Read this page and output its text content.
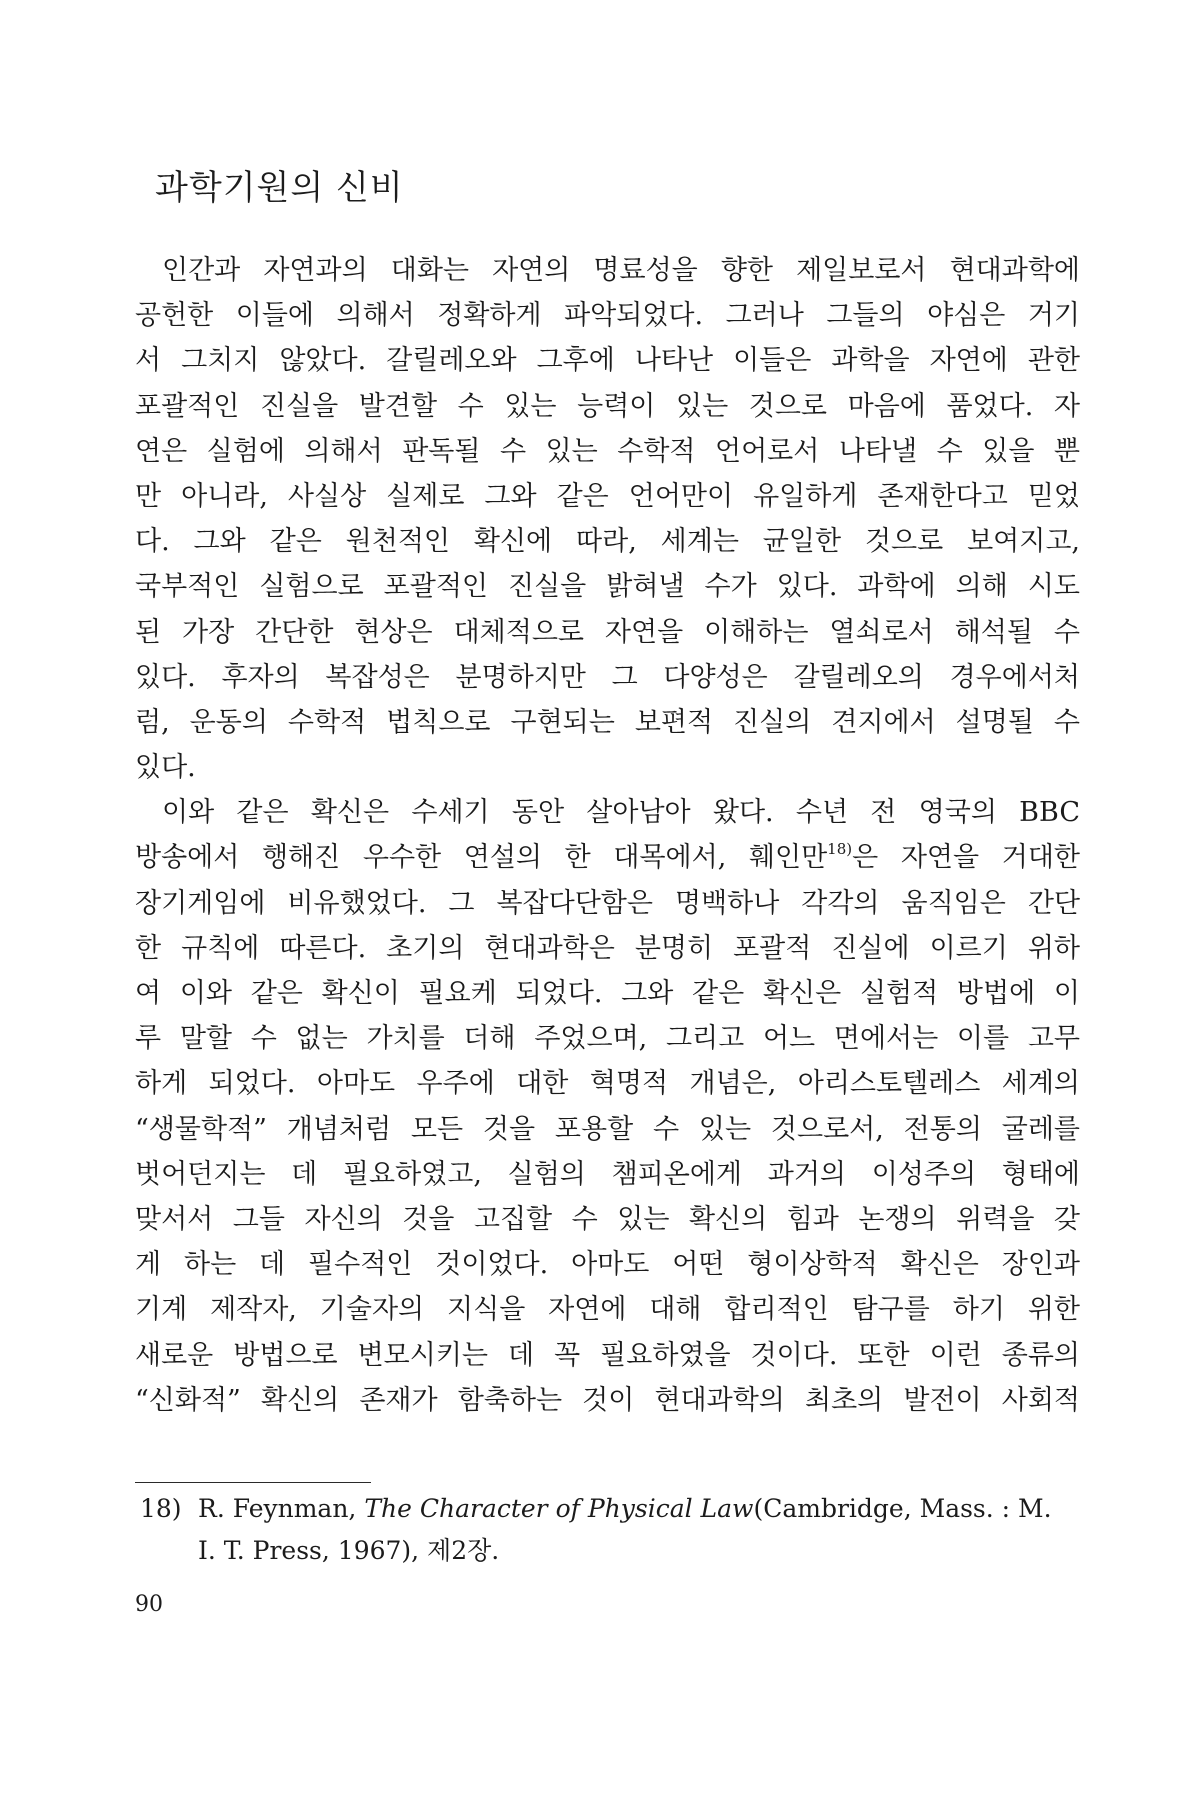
과학기원의 신비
인간과 자연과의 대화는 자연의 명료성을 향한 제일보로서 현대과학에
공헌한 이들에 의해서 정확하게 파악되었다. 그러나 그들의 야심은 거기
서 그치지 않았다. 갈릴레오와 그후에 나타난 이들은 과학을 자연에 관한
포괄적인 진실을 발견할 수 있는 능력이 있는 것으로 마음에 품었다. 자
연은 실험에 의해서 판독될 수 있는 수학적 언어로서 나타낼 수 있을 뿐
만 아니라, 사실상 실제로 그와 같은 언어만이 유일하게 존재한다고 믿었
다. 그와 같은 원천적인 확신에 따라, 세계는 균일한 것으로 보여지고,
국부적인 실험으로 포괄적인 진실을 밝혀낼 수가 있다. 과학에 의해 시도
된 가장 간단한 현상은 대체적으로 자연을 이해하는 열쇠로서 해석될 수
있다. 후자의 복잡성은 분명하지만 그 다양성은 갈릴레오의 경우에서처
럼, 운동의 수학적 법칙으로 구현되는 보편적 진실의 견지에서 설명될 수
있다.
이와 같은 확신은 수세기 동안 살아남아 왔다. 수년 전 영국의 BBC
방송에서 행해진 우수한 연설의 한 대목에서, 훼인만$^{18)}$은 자연을 거대한
장기게임에 비유했었다. 그 복잡다단함은 명백하나 각각의 움직임은 간단
한 규칙에 따른다. 초기의 현대과학은 분명히 포괄적 진실에 이르기 위하
여 이와 같은 확신이 필요케 되었다. 그와 같은 확신은 실험적 방법에 이
루 말할 수 없는 가치를 더해 주었으며, 그리고 어느 면에서는 이를 고무
하게 되었다. 아마도 우주에 대한 혁명적 개념은, 아리스토텔레스 세계의
“생물학적” 개념처럼 모든 것을 포용할 수 있는 것으로서, 전통의 굴레를
벗어던지는 데 필요하였고, 실험의 챔피온에게 과거의 이성주의 형태에
맞서서 그들 자신의 것을 고집할 수 있는 확신의 힘과 논쟁의 위력을 갖
게 하는 데 필수적인 것이었다. 아마도 어떤 형이상학적 확신은 장인과
기계 제작자, 기술자의 지식을 자연에 대해 합리적인 탐구를 하기 위한
새로운 방법으로 변모시키는 데 꼭 필요하였을 것이다. 또한 이런 종류의
“신화적” 확신의 존재가 함축하는 것이 현대과학의 최초의 발전이 사회적
18) R. Feynman, The Character of Physical Law(Cambridge, Mass. : M.
I. T. Press, 1967), 제2장.
90
